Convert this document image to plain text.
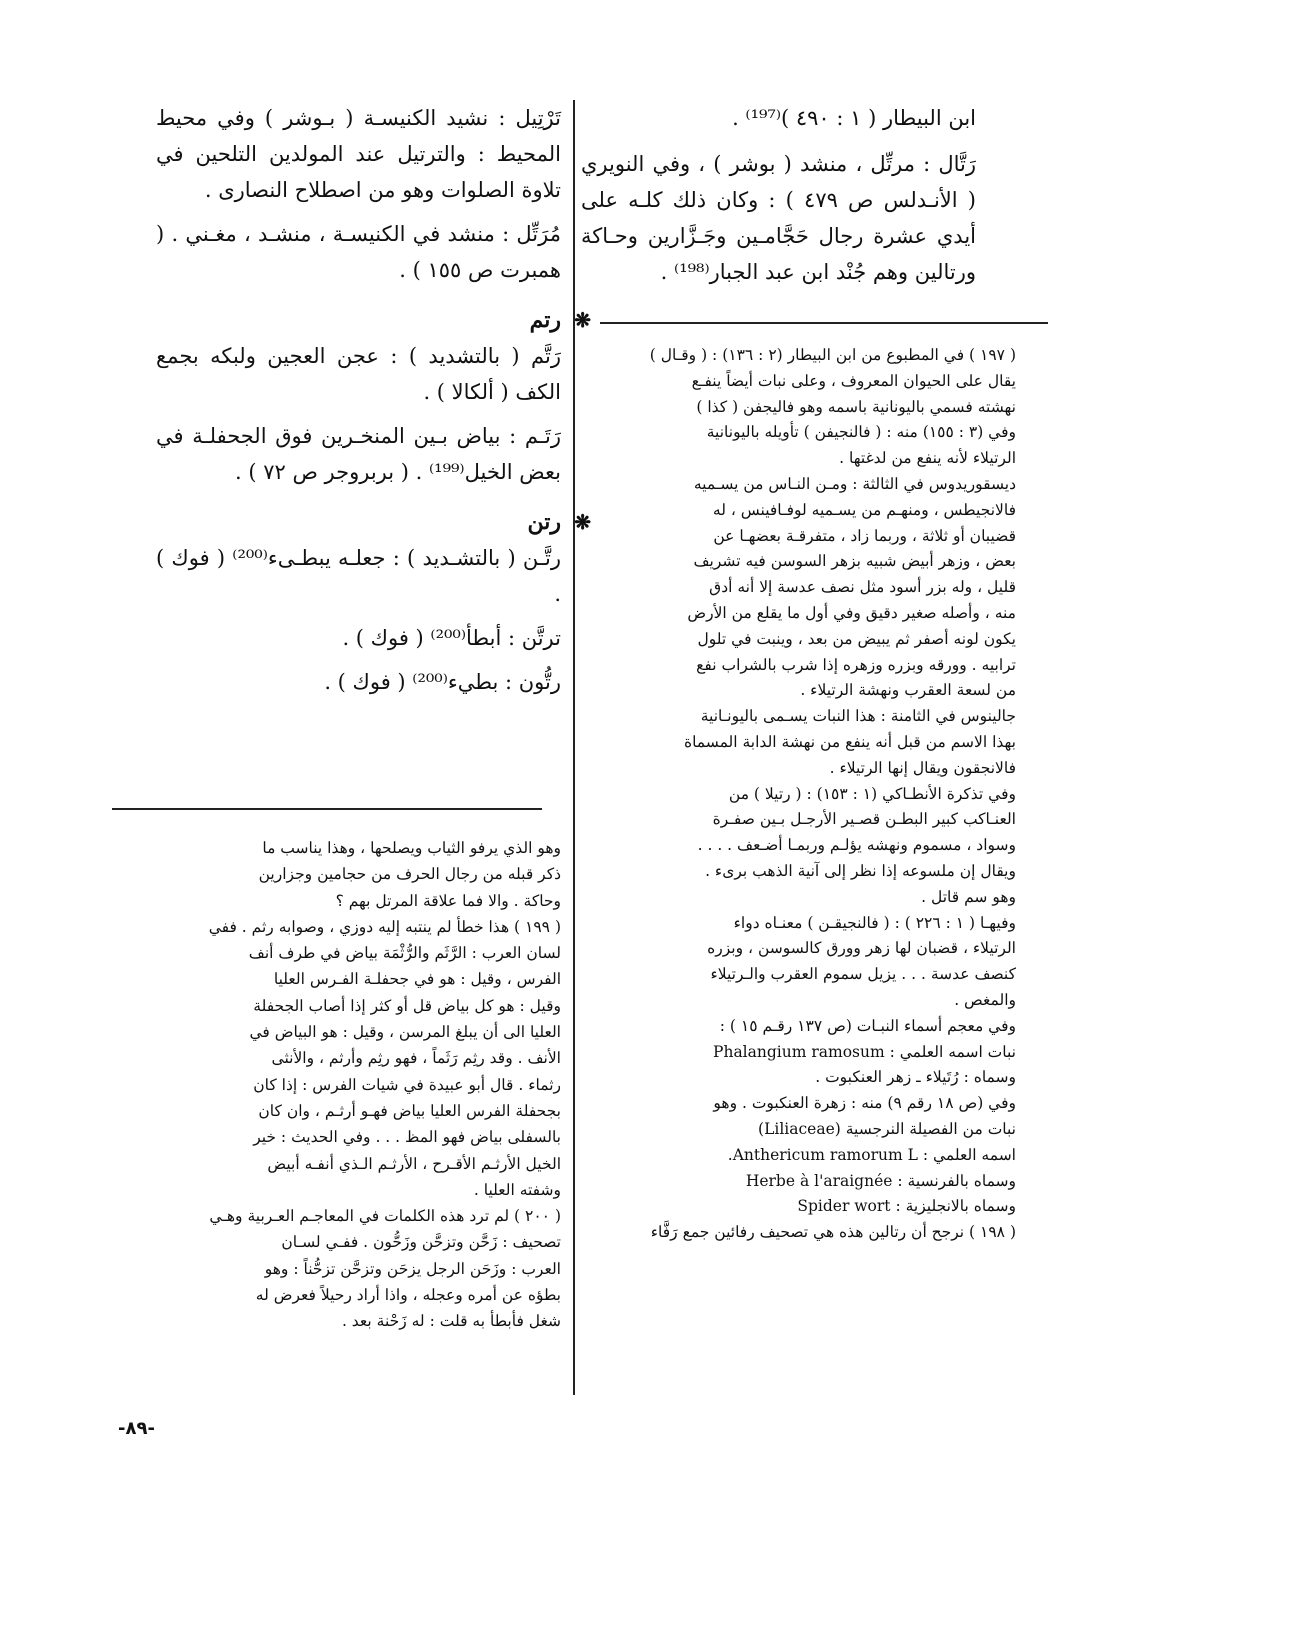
ابن البيطار ( ١ : ٤٩٠ )⁽¹⁹⁷⁾ .

رَتَّال : مرتِّل ، منشد ( بوشر ) ، وفي النويري ( الأنـدلس ص ٤٧٩ ) : وكان ذلك كلـه على أيدي عشرة رجال حَجَّامـين وجَـزَّارين وحـاكة ورتالين وهم جُنْد ابن عبد الجبار⁽¹⁹⁸⁾ .

( ١٩٧ ) في المطبوع من ابن البيطار (٢ : ١٣٦) : ( وقـال )
يقال على الحيوان المعروف ، وعلى نبات أيضاً ينفـع
نهشته فسمي باليونانية باسمه وهو فاليجفن ( كذا )
وفي (٣ : ١٥٥) منه : ( فالنجيفن ) تأويله باليونانية
الرتيلاء لأنه ينفع من لدغتها .
ديسقوريدوس في الثالثة : ومـن النـاس من يسـميه
فالانجيطس ، ومنهـم من يسـميه لوفـافينس ، له
قضيبان أو ثلاثة ، وربما زاد ، متفرقـة بعضهـا عن
بعض ، وزهر أبيض شبيه بزهر السوسن فيه تشريف
قليل ، وله بزر أسود مثل نصف عدسة إلا أنه أدق
منه ، وأصله صغير دقيق وفي أول ما يقلع من الأرض
يكون لونه أصفر ثم يبيض من بعد ، وينبت في تلول
ترابيه . وورقه وبزره وزهره إذا شرب بالشراب نفع
من لسعة العقرب ونهشة الرتيلاء .
جالينوس في الثامنة : هذا النبات يسـمى باليونـانية
بهذا الاسم من قبل أنه ينفع من نهشة الدابة المسماة
فالانجقون ويقال إنها الرتيلاء .
وفي تذكرة الأنطـاكي (١ : ١٥٣) : ( رتيلا ) من
العنـاكب كبير البطـن قصـير الأرجـل بـين صفـرة
وسواد ، مسموم ونهشه يؤلـم وربمـا أضـعف . . . .
ويقال إن ملسوعه إذا نظر إلى آنية الذهب برىء .
وهو سم قاتل .
وفيهـا ( ١ : ٢٢٦ ) : ( فالنجيقـن ) معنـاه دواء
الرتيلاء ، قضبان لها زهر وورق كالسوسن ، وبزره
كنصف عدسة . . . يزيل سموم العقرب والـرتيلاء
والمغص .
وفي معجم أسماء النبـات (ص ١٣٧ رقـم ١٥ ) :
نبات اسمه العلمي : Phalangium ramosum
وسماه : رُتَيلاء ـ زهر العنكبوت .
وفي (ص ١٨ رقم ٩) منه : زهرة العنكبوت . وهو
نبات من الفصيلة النرجسية (Liliaceae)
اسمه العلمي : Anthericum ramorum L.
وسماه بالفرنسية : Herbe à l'araignée
وسماه بالانجليزية : Spider wort
( ١٩٨ ) نرجح أن رتالين هذه هي تصحيف رفائين جمع رَفَّاء

تَرْتِيل : نشيد الكنيسـة ( بـوشر ) وفي محيط المحيط : والترتيل عند المولدين التلحين في تلاوة الصلوات وهو من اصطلاح النصارى .

مُرَتِّل : منشد في الكنيسـة ، منشـد ، مغـني . ( همبرت ص ١٥٥ ) .

❋
رتم

رَتَّم ( بالتشديد ) : عجن العجين ولبكه بجمع الكف ( ألكالا ) .

رَتَـم : بياض بـين المنخـرين فوق الجحفلـة في بعض الخيل⁽¹⁹⁹⁾ . ( بربروجر ص ٧٢ ) .

❋
رتن

رتَّـن ( بالتشـديد ) : جعلـه يبطـىء⁽²⁰⁰⁾ ( فوك ) .

ترتَّن : أبطأ⁽²⁰⁰⁾ ( فوك ) .

رتُّون : بطيء⁽²⁰⁰⁾ ( فوك ) .

وهو الذي يرفو الثياب ويصلحها ، وهذا يناسب ما
ذكر قبله من رجال الحرف من حجامين وجزارين
وحاكة . والا فما علاقة المرتل بهم ؟
( ١٩٩ ) هذا خطأ لم ينتبه إليه دوزي ، وصوابه رثم . ففي
لسان العرب : الرَّثَم والرُّثْمَة بياض في طرف أنف
الفرس ، وقيل : هو في جحفلـة الفـرس العليا
وقيل : هو كل بياض قل أو كثر إذا أصاب الجحفلة
العليا الى أن يبلغ المرسن ، وقيل : هو البياض في
الأنف . وقد رثِم رَثَماً ، فهو رثِم وأرثم ، والأنثى
رثماء . قال أبو عبيدة في شيات الفرس : إذا كان
بجحفلة الفرس العليا بياض فهـو أرثـم ، وان كان
بالسفلى بياض فهو المظ . . . وفي الحديث : خير
الخيل الأرثـم الأقـرح ، الأرثـم الـذي أنفـه أبيض
وشفته العليا .
( ٢٠٠ ) لم ترد هذه الكلمات في المعاجـم العـربية وهـي
تصحيف : زَحَّن وتزحَّن وزَحُّون . ففـي لسـان
العرب : وزَحَن الرجل يزحَن وتزحَّن تزحُّناً : وهو
بطؤه عن أمره وعجله ، واذا أراد رحيلاً فعرض له
شغل فأبطأ به قلت : له زَحْنة بعد .
-٨٩-
